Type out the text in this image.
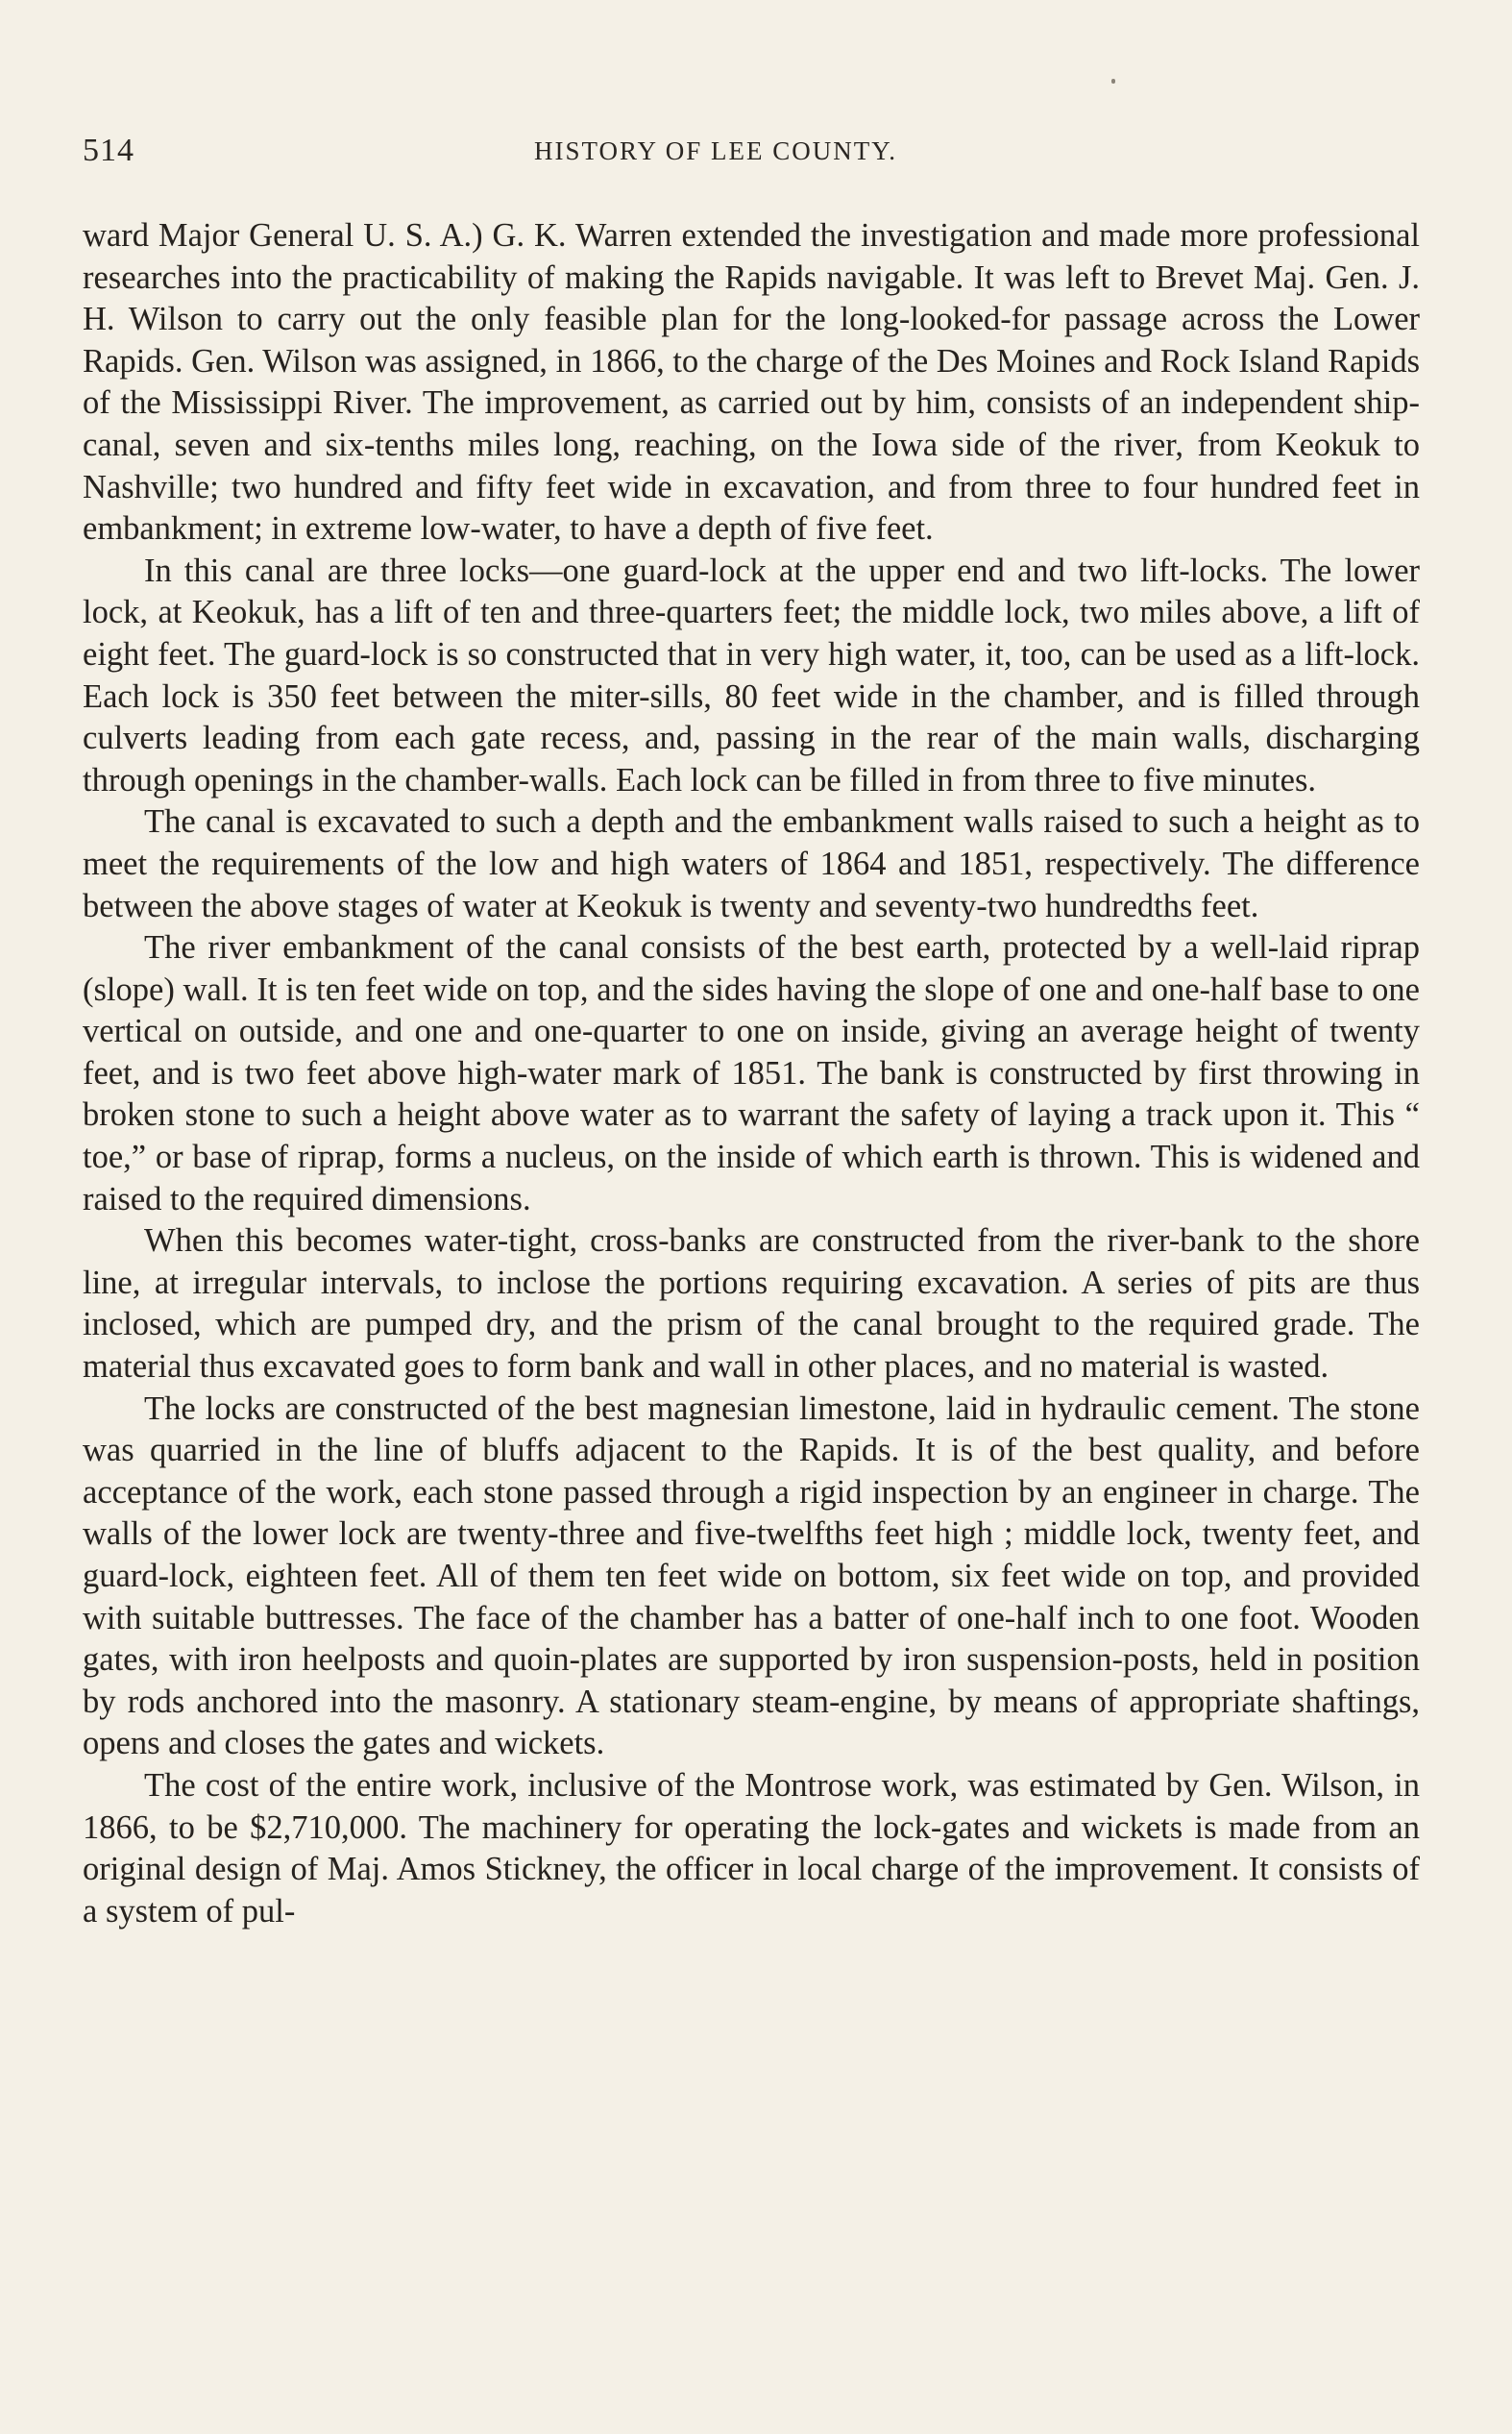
514	HISTORY OF LEE COUNTY.

ward Major General U. S. A.) G. K. Warren extended the investigation and made more professional researches into the practicability of making the Rapids navigable. It was left to Brevet Maj. Gen. J. H. Wilson to carry out the only feasible plan for the long-looked-for passage across the Lower Rapids. Gen. Wilson was assigned, in 1866, to the charge of the Des Moines and Rock Island Rapids of the Mississippi River. The improvement, as carried out by him, consists of an independent ship-canal, seven and six-tenths miles long, reaching, on the Iowa side of the river, from Keokuk to Nashville; two hundred and fifty feet wide in excavation, and from three to four hundred feet in embankment; in extreme low-water, to have a depth of five feet.

In this canal are three locks—one guard-lock at the upper end and two lift-locks. The lower lock, at Keokuk, has a lift of ten and three-quarters feet; the middle lock, two miles above, a lift of eight feet. The guard-lock is so constructed that in very high water, it, too, can be used as a lift-lock. Each lock is 350 feet between the miter-sills, 80 feet wide in the chamber, and is filled through culverts leading from each gate recess, and, passing in the rear of the main walls, discharging through openings in the chamber-walls. Each lock can be filled in from three to five minutes.

The canal is excavated to such a depth and the embankment walls raised to such a height as to meet the requirements of the low and high waters of 1864 and 1851, respectively. The difference between the above stages of water at Keokuk is twenty and seventy-two hundredths feet.

The river embankment of the canal consists of the best earth, protected by a well-laid riprap (slope) wall. It is ten feet wide on top, and the sides having the slope of one and one-half base to one vertical on outside, and one and one-quarter to one on inside, giving an average height of twenty feet, and is two feet above high-water mark of 1851. The bank is constructed by first throwing in broken stone to such a height above water as to warrant the safety of laying a track upon it. This “ toe,” or base of riprap, forms a nucleus, on the inside of which earth is thrown. This is widened and raised to the required dimensions.

When this becomes water-tight, cross-banks are constructed from the river-bank to the shore line, at irregular intervals, to inclose the portions requiring excavation. A series of pits are thus inclosed, which are pumped dry, and the prism of the canal brought to the required grade. The material thus excavated goes to form bank and wall in other places, and no material is wasted.

The locks are constructed of the best magnesian limestone, laid in hydraulic cement. The stone was quarried in the line of bluffs adjacent to the Rapids. It is of the best quality, and before acceptance of the work, each stone passed through a rigid inspection by an engineer in charge. The walls of the lower lock are twenty-three and five-twelfths feet high ; middle lock, twenty feet, and guard-lock, eighteen feet. All of them ten feet wide on bottom, six feet wide on top, and provided with suitable buttresses. The face of the chamber has a batter of one-half inch to one foot. Wooden gates, with iron heelposts and quoin-plates are supported by iron suspension-posts, held in position by rods anchored into the masonry. A stationary steam-engine, by means of appropriate shaftings, opens and closes the gates and wickets.

The cost of the entire work, inclusive of the Montrose work, was estimated by Gen. Wilson, in 1866, to be $2,710,000. The machinery for operating the lock-gates and wickets is made from an original design of Maj. Amos Stickney, the officer in local charge of the improvement. It consists of a system of pul-
